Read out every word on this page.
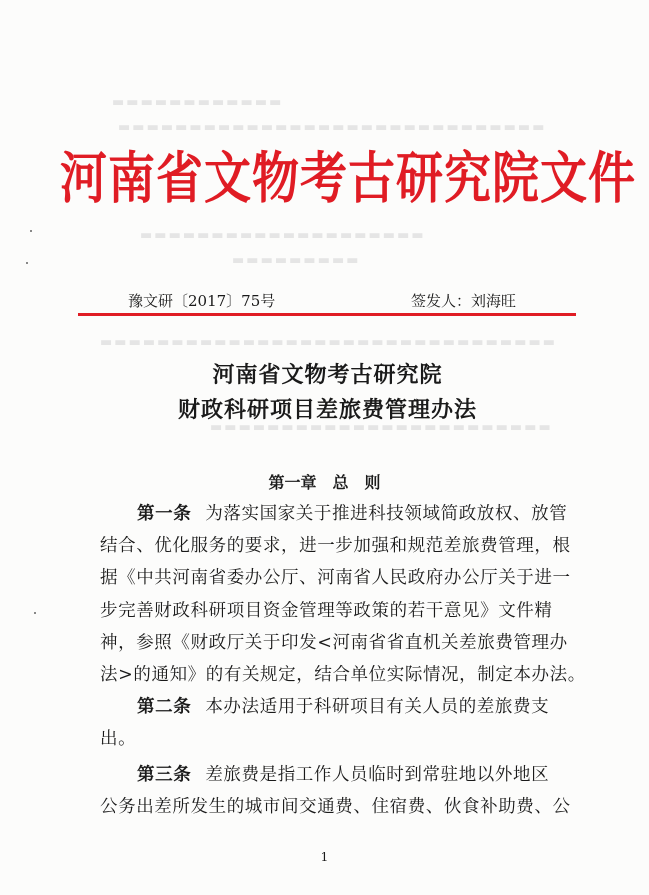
▬▬▬▬▬▬▬▬▬▬▬▬
▬▬▬▬▬▬▬▬▬▬▬▬▬▬▬▬▬▬▬▬▬▬▬▬▬▬▬▬▬▬
▬▬▬▬▬▬▬▬▬▬▬▬▬▬▬▬▬▬▬▬
▬▬▬▬▬▬▬▬▬
▬▬▬▬▬▬▬▬▬▬▬▬▬▬▬▬▬▬▬▬▬▬▬▬▬▬▬▬▬▬▬▬
▬▬▬▬▬▬▬▬▬▬▬▬▬▬▬▬▬▬▬▬▬▬▬▬
河南省文物考古研究院文件
豫文研〔2017〕75号	签发人：刘海旺
河南省文物考古研究院
财政科研项目差旅费管理办法
第一章　总　则
第一条 为落实国家关于推进科技领域简政放权、放管
结合、优化服务的要求，进一步加强和规范差旅费管理，根
据《中共河南省委办公厅、河南省人民政府办公厅关于进一
步完善财政科研项目资金管理等政策的若干意见》文件精
神，参照《财政厅关于印发<河南省省直机关差旅费管理办
法>的通知》的有关规定，结合单位实际情况，制定本办法。
第二条 本办法适用于科研项目有关人员的差旅费支
出。
第三条 差旅费是指工作人员临时到常驻地以外地区
公务出差所发生的城市间交通费、住宿费、伙食补助费、公
1
